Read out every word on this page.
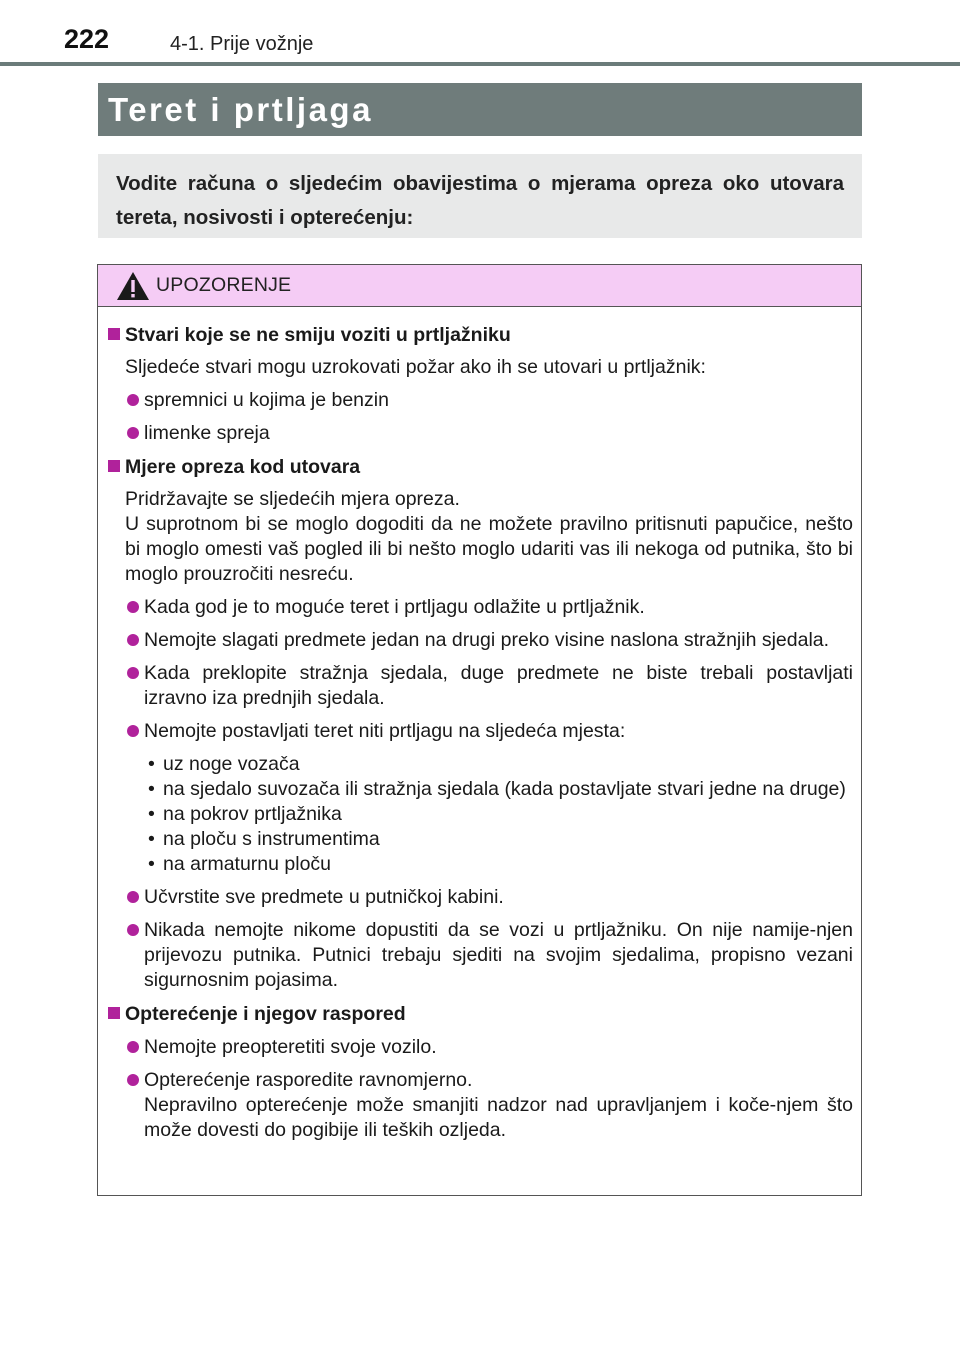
222	4-1. Prije vožnje
Teret i prtljaga
Vodite računa o sljedećim obavijestima o mjerama opreza oko utovara tereta, nosivosti i opterećenju:
UPOZORENJE
Stvari koje se ne smiju voziti u prtljažniku
Sljedeće stvari mogu uzrokovati požar ako ih se utovari u prtljažnik:
spremnici u kojima je benzin
limenke spreja
Mjere opreza kod utovara
Pridržavajte se sljedećih mjera opreza.
U suprotnom bi se moglo dogoditi da ne možete pravilno pritisnuti papučice, nešto bi moglo omesti vaš pogled ili bi nešto moglo udariti vas ili nekoga od putnika, što bi moglo prouzročiti nesreću.
Kada god je to moguće teret i prtljagu odlažite u prtljažnik.
Nemojte slagati predmete jedan na drugi preko visine naslona stražnjih sjedala.
Kada preklopite stražnja sjedala, duge predmete ne biste trebali postavljati izravno iza prednjih sjedala.
Nemojte postavljati teret niti prtljagu na sljedeća mjesta:
• uz noge vozača
• na sjedalo suvozača ili stražnja sjedala (kada postavljate stvari jedne na druge)
• na pokrov prtljažnika
• na ploču s instrumentima
• na armaturnu ploču
Učvrstite sve predmete u putničkoj kabini.
Nikada nemojte nikome dopustiti da se vozi u prtljažniku. On nije namije-njen prijevozu putnika. Putnici trebaju sjediti na svojim sjedalima, propisno vezani sigurnosnim pojasima.
Opterećenje i njegov raspored
Nemojte preopteretiti svoje vozilo.
Opterećenje rasporedite ravnomjerno.
Nepravilno opterećenje može smanjiti nadzor nad upravljanjem i koče-njem što može dovesti do pogibije ili teških ozljeda.
